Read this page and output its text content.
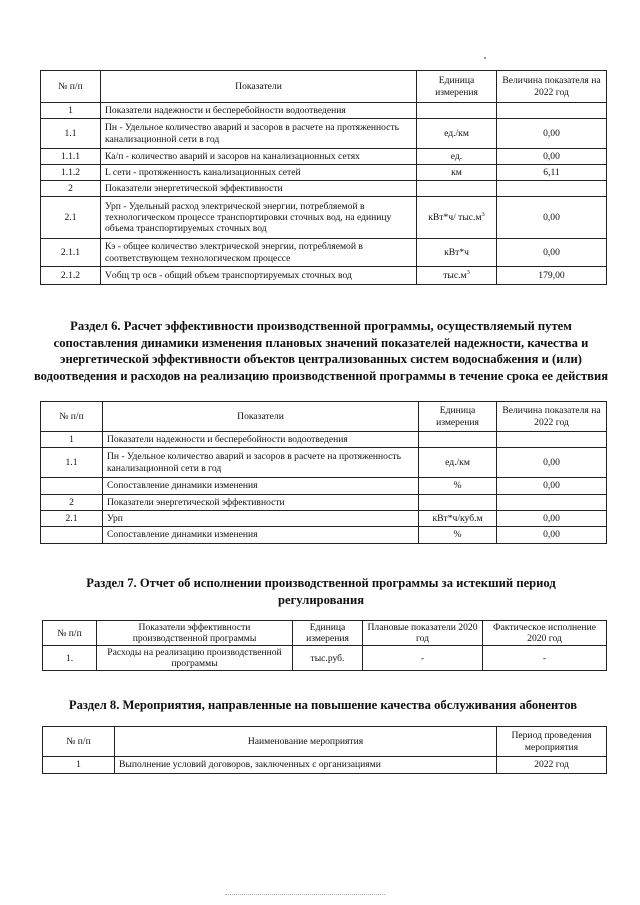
№ п/п	Показатели	Единица измерения	Величина показателя на 2022 год
1	Показатели надежности и бесперебойности водоотведения		
1.1	Пн - Удельное количество аварий и засоров в расчете на протяженность канализационной сети в год	ед./км	0,00
1.1.1	Ка/п - количество аварий и засоров на канализационных сетях	ед.	0,00
1.1.2	L сети - протяженность канализационных сетей	км	6,11
2	Показатели энергетической эффективности		
2.1	Урп - Удельный расход электрической энергии, потребляемой в технологическом процессе транспортировки сточных вод, на единицу объема транспортируемых сточных вод	кВт*ч/ $тыс.м^3$	0,00
2.1.1	Кэ - общее количество электрической энергии, потребляемой в соответствующем технологическом процессе	кВт*ч	0,00
2.1.2	Vобщ тр осв - общий объем транспортируемых сточных вод	$тыс.м^3$	179,00
Раздел 6. Расчет эффективности производственной программы, осуществляемый путем сопоставления динамики изменения плановых значений показателей надежности, качества и энергетической эффективности объектов централизованных систем водоснабжения и (или) водоотведения и расходов на реализацию производственной программы в течение срока ее действия
№ п/п	Показатели	Единица измерения	Величина показателя на 2022 год
1	Показатели надежности и бесперебойности водоотведения		
1.1	Пн - Удельное количество аварий и засоров в расчете на протяженность канализационной сети в год	ед./км	0,00
	Сопоставление динамики изменения	%	0,00
2	Показатели энергетической эффективности		
2.1	Урп	кВт*ч/куб.м	0,00
	Сопоставление динамики изменения	%	0,00
Раздел 7. Отчет об исполнении производственной программы за истекший период регулирования
№ п/п	Показатели эффективности производственной программы	Единица измерения	Плановые показатели 2020 год	Фактическое исполнение 2020 год
1.	Расходы на реализацию производственной программы	тыс.руб.	-	-
Раздел 8. Мероприятия, направленные на повышение качества обслуживания абонентов
№ п/п	Наименование мероприятия	Период проведения мероприятия
1	Выполнение условий договоров, заключенных с организациями	2022 год
